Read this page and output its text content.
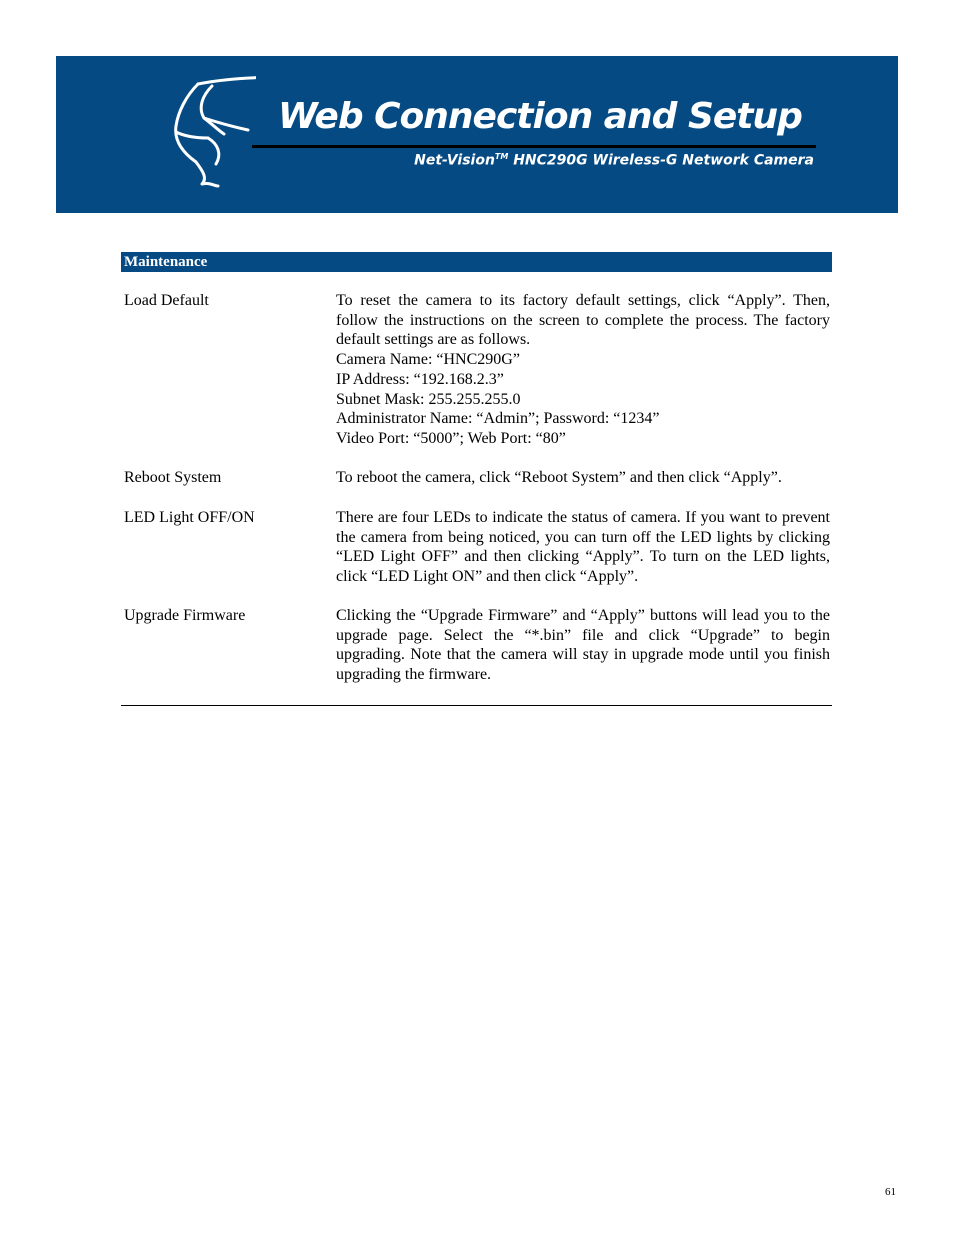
Web Connection and Setup
Net-Vision™ HNC290G Wireless-G Network Camera
Maintenance
Load Default	To reset the camera to its factory default settings, click “Apply”. Then, follow the instructions on the screen to complete the process. The factory default settings are as follows.
Camera Name: “HNC290G”
IP Address: “192.168.2.3”
Subnet Mask: 255.255.255.0
Administrator Name: “Admin”; Password: “1234”
Video Port: “5000”; Web Port: “80”
Reboot System	To reboot the camera, click “Reboot System” and then click “Apply”.
LED Light OFF/ON	There are four LEDs to indicate the status of camera. If you want to prevent the camera from being noticed, you can turn off the LED lights by clicking “LED Light OFF” and then clicking “Apply”. To turn on the LED lights, click “LED Light ON” and then click “Apply”.
Upgrade Firmware	Clicking the “Upgrade Firmware” and “Apply” buttons will lead you to the upgrade page. Select the “*.bin” file and click “Upgrade” to begin upgrading. Note that the camera will stay in upgrade mode until you finish upgrading the firmware.
61
